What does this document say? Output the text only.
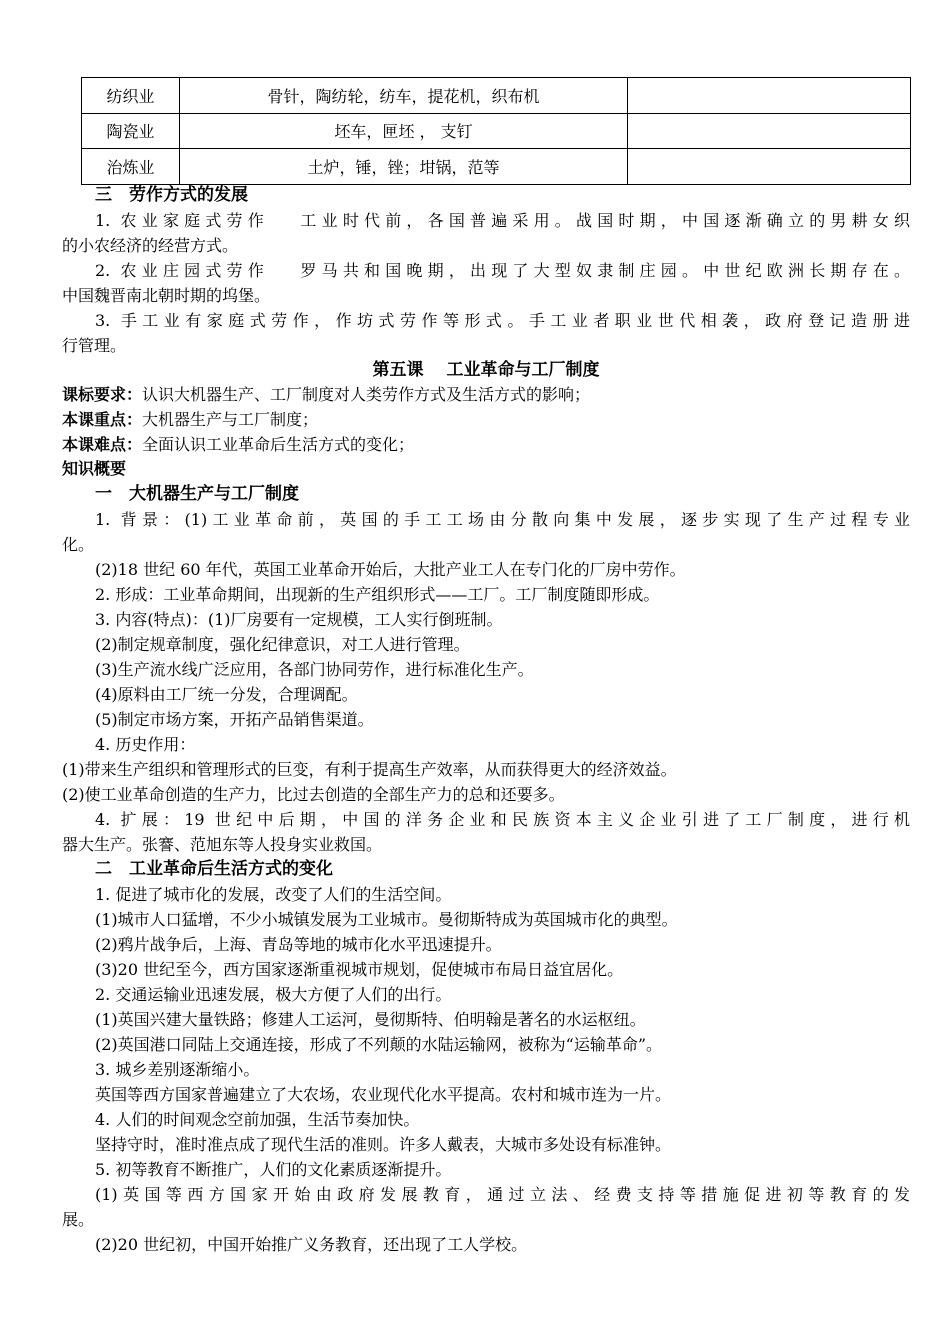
纺织业	骨针，陶纺轮，纺车，提花机，织布机	
陶瓷业	坯车，匣坯 ， 支钉	
治炼业	土炉，锤，锉；坩锅，范等	
三　劳作方式的发展
1. 农业家庭式劳作　 工业时代前，各国普遍采用。战国时期，中国逐渐确立的男耕女织
的小农经济的经营方式。
2. 农业庄园式劳作　 罗马共和国晚期，出现了大型奴隶制庄园。中世纪欧洲长期存在。
中国魏晋南北朝时期的坞堡。
3. 手工业有家庭式劳作，作坊式劳作等形式。手工业者职业世代相袭，政府登记造册进
行管理。
第五课　 工业革命与工厂制度
课标要求：认识大机器生产、工厂制度对人类劳作方式及生活方式的影响；
本课重点：大机器生产与工厂制度；
本课难点：全面认识工业革命后生活方式的变化；
知识概要
一　大机器生产与工厂制度
1. 背景：(1)工业革命前，英国的手工工场由分散向集中发展，逐步实现了生产过程专业
化。
(2)18 世纪 60 年代，英国工业革命开始后，大批产业工人在专门化的厂房中劳作。
2. 形成：工业革命期间，出现新的生产组织形式——工厂。工厂制度随即形成。
3. 内容(特点)：(1)厂房要有一定规模，工人实行倒班制。
(2)制定规章制度，强化纪律意识，对工人进行管理。
(3)生产流水线广泛应用，各部门协同劳作，进行标准化生产。
(4)原料由工厂统一分发，合理调配。
(5)制定市场方案，开拓产品销售渠道。
4. 历史作用：
(1)带来生产组织和管理形式的巨变，有利于提高生产效率，从而获得更大的经济效益。
(2)使工业革命创造的生产力，比过去创造的全部生产力的总和还要多。
4. 扩展：19 世纪中后期，中国的洋务企业和民族资本主义企业引进了工厂制度，进行机
器大生产。张謇、范旭东等人投身实业救国。
二　工业革命后生活方式的变化
1. 促进了城市化的发展，改变了人们的生活空间。
(1)城市人口猛增，不少小城镇发展为工业城市。曼彻斯特成为英国城市化的典型。
(2)鸦片战争后，上海、青岛等地的城市化水平迅速提升。
(3)20 世纪至今，西方国家逐渐重视城市规划，促使城市布局日益宜居化。
2. 交通运输业迅速发展，极大方便了人们的出行。
(1)英国兴建大量铁路；修建人工运河，曼彻斯特、伯明翰是著名的水运枢纽。
(2)英国港口同陆上交通连接，形成了不列颠的水陆运输网，被称为“运输革命”。
3. 城乡差别逐渐缩小。
英国等西方国家普遍建立了大农场，农业现代化水平提高。农村和城市连为一片。
4. 人们的时间观念空前加强，生活节奏加快。
坚持守时，准时准点成了现代生活的准则。许多人戴表，大城市多处设有标准钟。
5. 初等教育不断推广，人们的文化素质逐渐提升。
(1)英国等西方国家开始由政府发展教育，通过立法、经费支持等措施促进初等教育的发
展。
(2)20 世纪初，中国开始推广义务教育，还出现了工人学校。
